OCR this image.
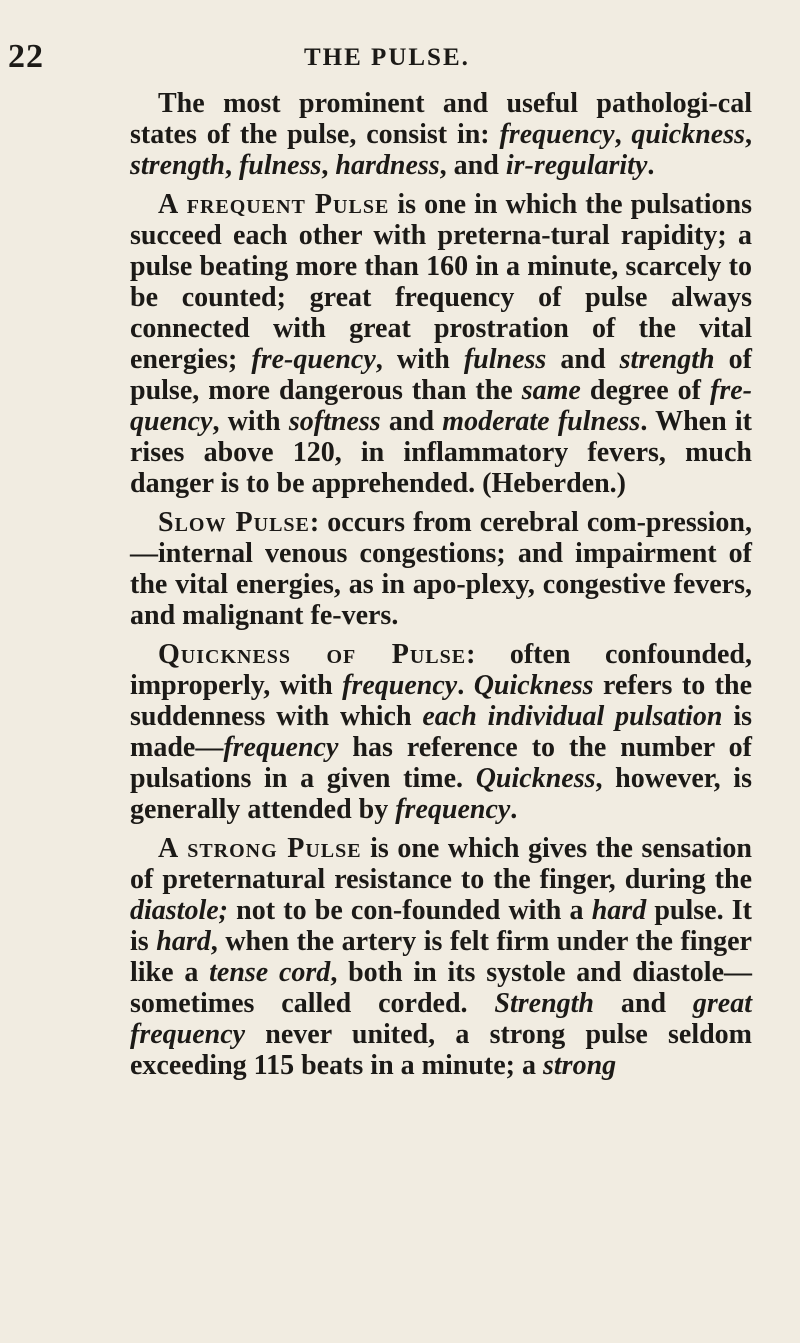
22	THE PULSE.

The most prominent and useful pathologi-cal states of the pulse, consist in: frequency, quickness, strength, fulness, hardness, and ir-regularity.

A frequent Pulse is one in which the pulsations succeed each other with preterna-tural rapidity; a pulse beating more than 160 in a minute, scarcely to be counted; great frequency of pulse always connected with great prostration of the vital energies; fre-quency, with fulness and strength of pulse, more dangerous than the same degree of fre-quency, with softness and moderate fulness. When it rises above 120, in inflammatory fevers, much danger is to be apprehended. (Heberden.)

Slow Pulse: occurs from cerebral com-pression,—internal venous congestions; and impairment of the vital energies, as in apo-plexy, congestive fevers, and malignant fe-vers.

Quickness of Pulse: often confounded, improperly, with frequency. Quickness refers to the suddenness with which each individual pulsation is made—frequency has reference to the number of pulsations in a given time. Quickness, however, is generally attended by frequency.

A strong Pulse is one which gives the sensation of preternatural resistance to the finger, during the diastole; not to be con-founded with a hard pulse. It is hard, when the artery is felt firm under the finger like a tense cord, both in its systole and diastole—sometimes called corded. Strength and great frequency never united, a strong pulse seldom exceeding 115 beats in a minute; a strong
